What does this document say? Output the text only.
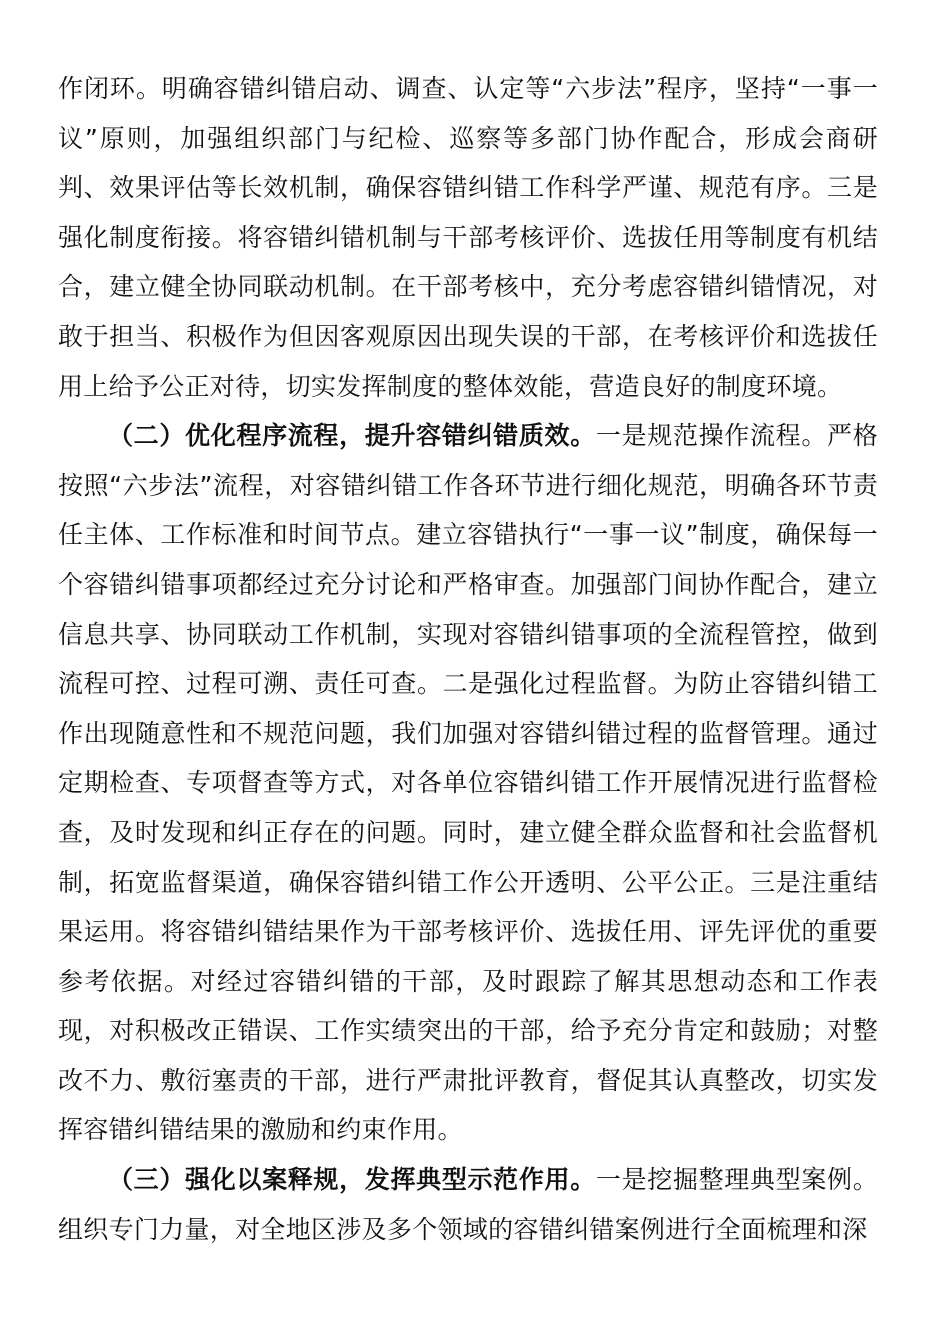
作闭环。明确容错纠错启动、调查、认定等“六步法”程序，坚持“一事一议”原则，加强组织部门与纪检、巡察等多部门协作配合，形成会商研判、效果评估等长效机制，确保容错纠错工作科学严谨、规范有序。三是强化制度衔接。将容错纠错机制与干部考核评价、选拔任用等制度有机结合，建立健全协同联动机制。在干部考核中，充分考虑容错纠错情况，对敢于担当、积极作为但因客观原因出现失误的干部，在考核评价和选拔任用上给予公正对待，切实发挥制度的整体效能，营造良好的制度环境。

（二）优化程序流程，提升容错纠错质效。一是规范操作流程。严格按照“六步法”流程，对容错纠错工作各环节进行细化规范，明确各环节责任主体、工作标准和时间节点。建立容错执行“一事一议”制度，确保每一个容错纠错事项都经过充分讨论和严格审查。加强部门间协作配合，建立信息共享、协同联动工作机制，实现对容错纠错事项的全流程管控，做到流程可控、过程可溯、责任可查。二是强化过程监督。为防止容错纠错工作出现随意性和不规范问题，我们加强对容错纠错过程的监督管理。通过定期检查、专项督查等方式，对各单位容错纠错工作开展情况进行监督检查，及时发现和纠正存在的问题。同时，建立健全群众监督和社会监督机制，拓宽监督渠道，确保容错纠错工作公开透明、公平公正。三是注重结果运用。将容错纠错结果作为干部考核评价、选拔任用、评先评优的重要参考依据。对经过容错纠错的干部，及时跟踪了解其思想动态和工作表现，对积极改正错误、工作实绩突出的干部，给予充分肯定和鼓励；对整改不力、敷衍塞责的干部，进行严肃批评教育，督促其认真整改，切实发挥容错纠错结果的激励和约束作用。

（三）强化以案释规，发挥典型示范作用。一是挖掘整理典型案例。组织专门力量，对全地区涉及多个领域的容错纠错案例进行全面梳理和深
